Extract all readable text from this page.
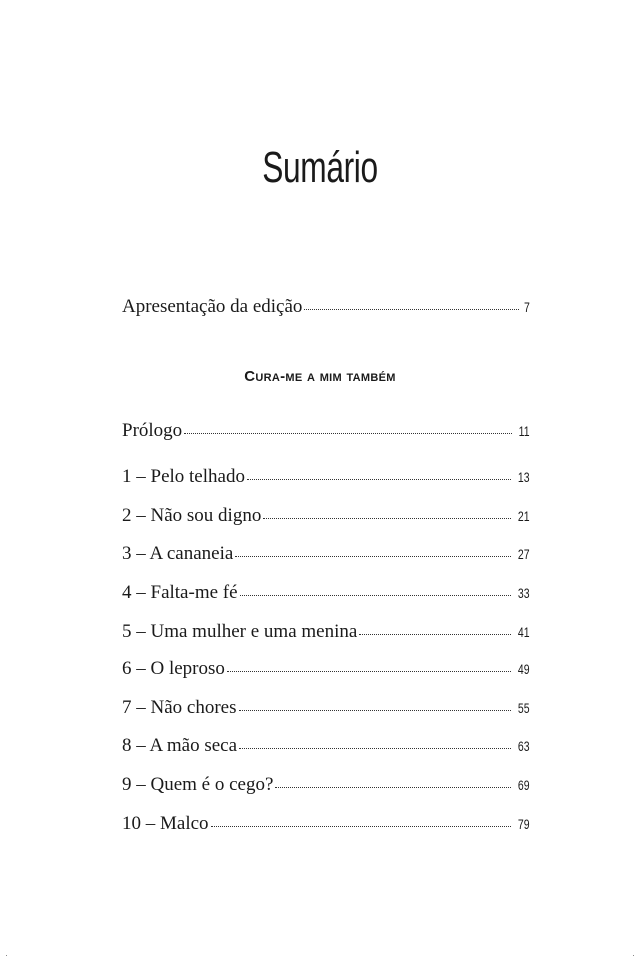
Sumário
Apresentação da edição	7
Cura-me a mim também
Prólogo	11
1 – Pelo telhado	13
2 – Não sou digno	21
3 – A cananeia	27
4 – Falta-me fé	33
5 – Uma mulher e uma menina	41
6 – O leproso	49
7 – Não chores	55
8 – A mão seca	63
9 – Quem é o cego?	69
10 – Malco	79
